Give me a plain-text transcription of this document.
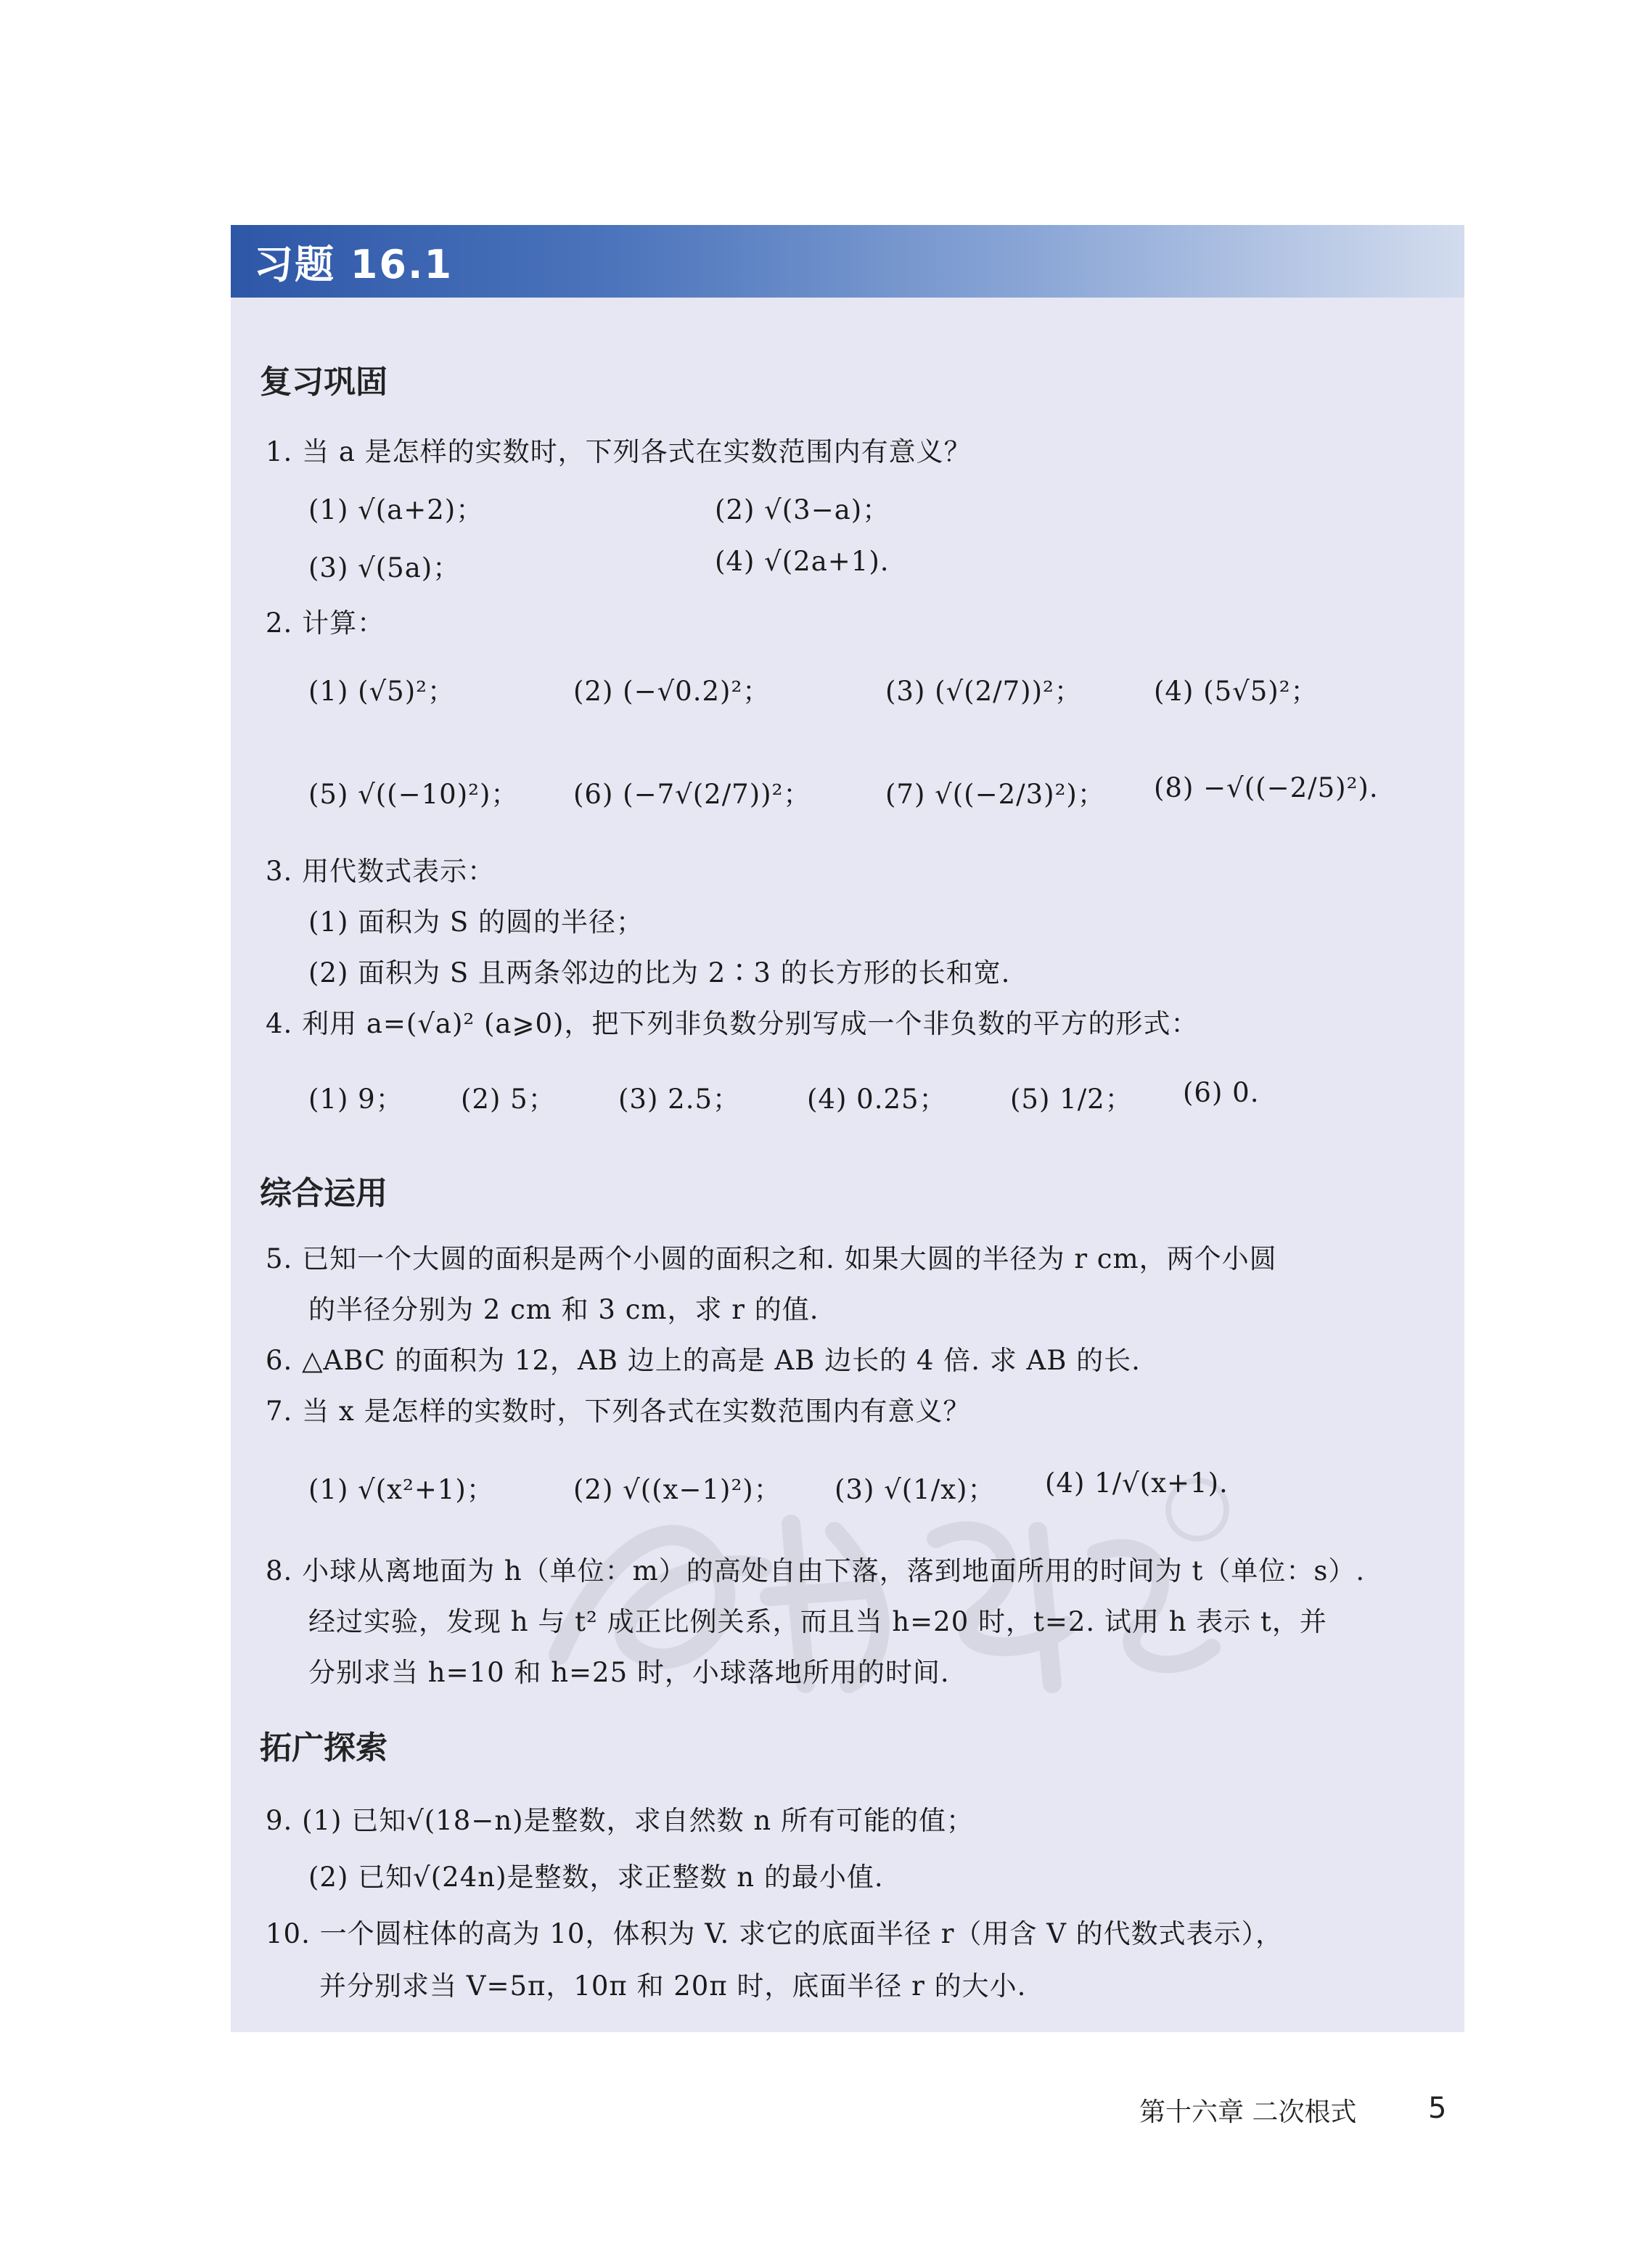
习题 16.1
复习巩固
1. 当 a 是怎样的实数时，下列各式在实数范围内有意义？
(1) √(a+2)；	(2) √(3−a)；
(3) √(5a)；	(4) √(2a+1).
2. 计算：
(1) (√5)²；	(2) (−√0.2)²；	(3) (√(2/7))²；	(4) (5√5)²；
(5) √((−10)²)； (6) (−7√(2/7))²；	(7) √((−2/3)²)； (8) −√((−2/5)²).
3. 用代数式表示：
(1) 面积为 S 的圆的半径；
(2) 面积为 S 且两条邻边的比为 2∶3 的长方形的长和宽.
4. 利用 a=(√a)² (a⩾0)，把下列非负数分别写成一个非负数的平方的形式：
(1) 9； (2) 5； (3) 2.5； (4) 0.25； (5) 1/2； (6) 0.
综合运用
5. 已知一个大圆的面积是两个小圆的面积之和. 如果大圆的半径为 r cm，两个小圆
的半径分别为 2 cm 和 3 cm，求 r 的值.
6. △ABC 的面积为 12，AB 边上的高是 AB 边长的 4 倍. 求 AB 的长.
7. 当 x 是怎样的实数时，下列各式在实数范围内有意义？
(1) √(x²+1)；	(2) √((x−1)²)； (3) √(1/x)； (4) 1/√(x+1).
8. 小球从离地面为 h（单位：m）的高处自由下落，落到地面所用的时间为 t（单位：s）.
经过实验，发现 h 与 t² 成正比例关系，而且当 h=20 时，t=2. 试用 h 表示 t，并
分别求当 h=10 和 h=25 时，小球落地所用的时间.
拓广探索
9. (1) 已知√(18−n)是整数，求自然数 n 所有可能的值；
(2) 已知√(24n)是整数，求正整数 n 的最小值.
10. 一个圆柱体的高为 10，体积为 V. 求它的底面半径 r（用含 V 的代数式表示），
并分别求当 V=5π，10π 和 20π 时，底面半径 r 的大小.
第十六章 二次根式 5
